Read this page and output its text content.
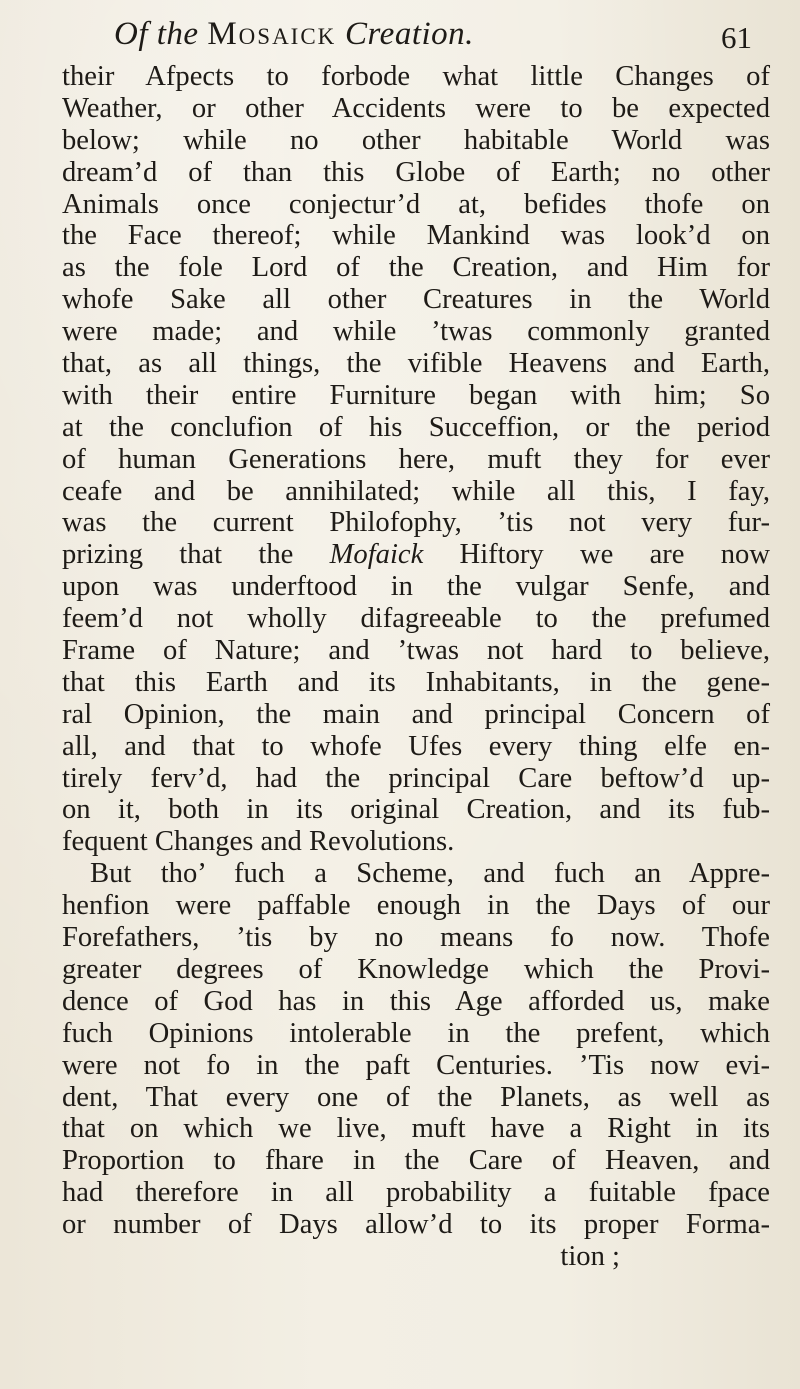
Of the Mosaick Creation.	61
their Afpects to forbode what little Changes of
Weather, or other Accidents were to be expected
below; while no other habitable World was
dream’d of than this Globe of Earth; no other
Animals once conjectur’d at, befides thofe on
the Face thereof; while Mankind was look’d on
as the fole Lord of the Creation, and Him for
whofe Sake all other Creatures in the World
were made; and while ’twas commonly granted
that, as all things, the vifible Heavens and Earth,
with their entire Furniture began with him; So
at the conclufion of his Succeffion, or the period
of human Generations here, muft they for ever
ceafe and be annihilated; while all this, I fay,
was the current Philofophy, ’tis not very fur-
prizing that the Mofaick Hiftory we are now
upon was underftood in the vulgar Senfe, and
feem’d not wholly difagreeable to the prefumed
Frame of Nature; and ’twas not hard to believe,
that this Earth and its Inhabitants, in the gene-
ral Opinion, the main and principal Concern of
all, and that to whofe Ufes every thing elfe en-
tirely ferv’d, had the principal Care beftow’d up-
on it, both in its original Creation, and its fub-
fequent Changes and Revolutions.
But tho’ fuch a Scheme, and fuch an Appre-
henfion were paffable enough in the Days of our
Forefathers, ’tis by no means fo now. Thofe
greater degrees of Knowledge which the Provi-
dence of God has in this Age afforded us, make
fuch Opinions intolerable in the prefent, which
were not fo in the paft Centuries. ’Tis now evi-
dent, That every one of the Planets, as well as
that on which we live, muft have a Right in its
Proportion to fhare in the Care of Heaven, and
had therefore in all probability a fuitable fpace
or number of Days allow’d to its proper Forma-
tion ;
